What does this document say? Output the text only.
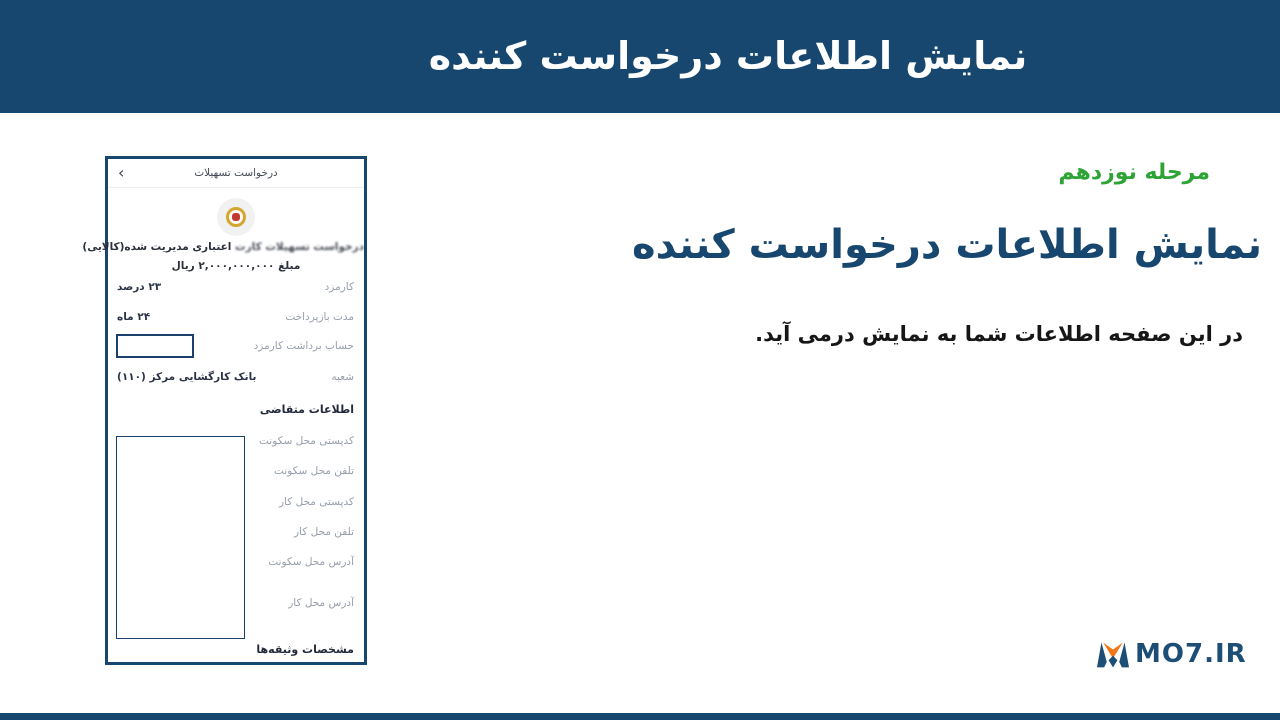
نمایش اطلاعات درخواست کننده
مرحله نوزدهم
نمایش اطلاعات درخواست کننده
در این صفحه اطلاعات شما به نمایش درمی آید.
درخواست تسهیلات
›
درخواست تسهیلات کارت اعتباری مدیریت شده(کالایی)
مبلغ ۲,۰۰۰,۰۰۰,۰۰۰ ریال
کارمزد
۲۳ درصد
مدت بازپرداخت
۲۴ ماه
حساب برداشت کارمزد
شعبه
بانک کارگشایی مرکز (۱۱۰)
اطلاعات متقاضی
کدپستی محل سکونت
تلفن محل سکونت
کدپستی محل کار
تلفن محل کار
آدرس محل سکونت
آدرس محل کار
مشخصات وثیقه‌ها	MO7.IR
